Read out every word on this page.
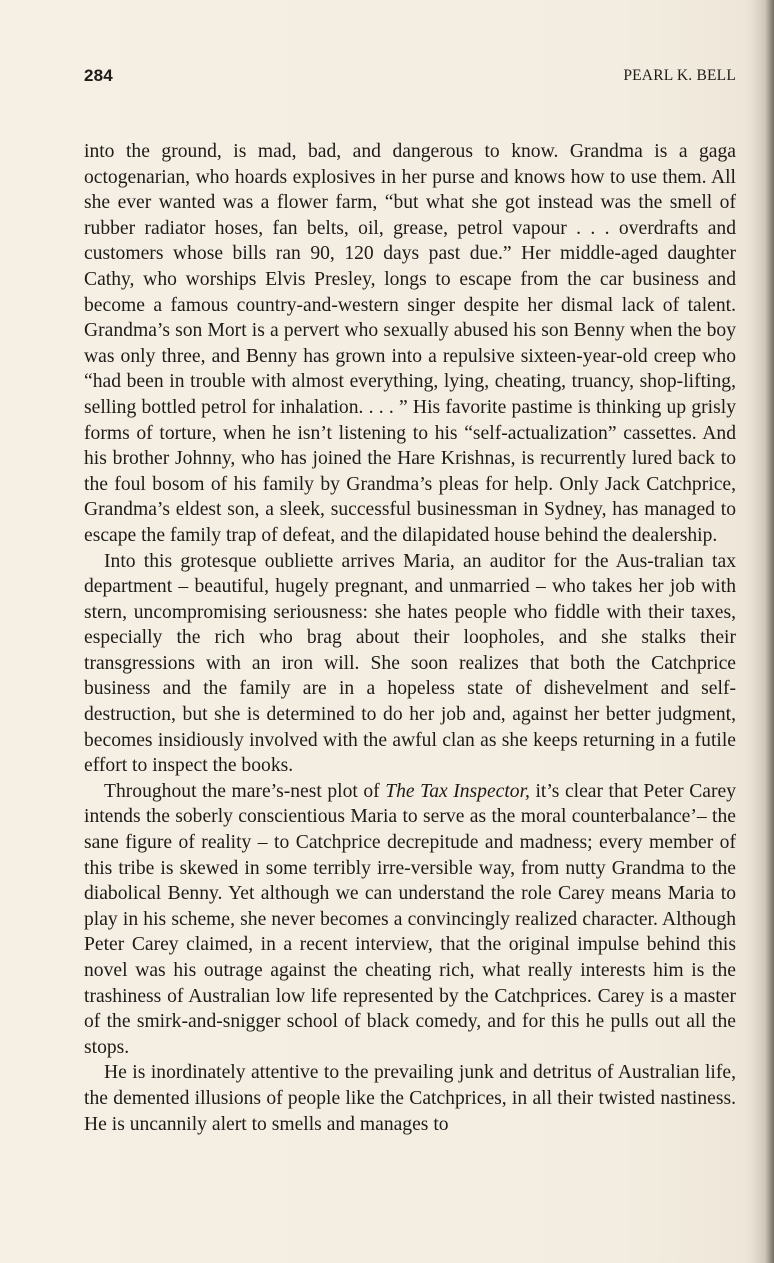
284	PEARL K. BELL

into the ground, is mad, bad, and dangerous to know. Grandma is a gaga octogenarian, who hoards explosives in her purse and knows how to use them. All she ever wanted was a flower farm, “but what she got instead was the smell of rubber radiator hoses, fan belts, oil, grease, petrol vapour . . . overdrafts and customers whose bills ran 90, 120 days past due.” Her middle-aged daughter Cathy, who worships Elvis Presley, longs to escape from the car business and become a famous country-and-western singer despite her dismal lack of talent. Grandma’s son Mort is a pervert who sexually abused his son Benny when the boy was only three, and Benny has grown into a repulsive sixteen-year-old creep who “had been in trouble with almost everything, lying, cheating, truancy, shop-lifting, selling bottled petrol for inhalation. . . . ” His favorite pastime is thinking up grisly forms of torture, when he isn’t listening to his “self-actualization” cassettes. And his brother Johnny, who has joined the Hare Krishnas, is recurrently lured back to the foul bosom of his family by Grandma’s pleas for help. Only Jack Catchprice, Grandma’s eldest son, a sleek, successful businessman in Sydney, has managed to escape the family trap of defeat, and the dilapidated house behind the dealership.

Into this grotesque oubliette arrives Maria, an auditor for the Aus-tralian tax department – beautiful, hugely pregnant, and unmarried – who takes her job with stern, uncompromising seriousness: she hates people who fiddle with their taxes, especially the rich who brag about their loopholes, and she stalks their transgressions with an iron will. She soon realizes that both the Catchprice business and the family are in a hopeless state of dishevelment and self-destruction, but she is determined to do her job and, against her better judgment, becomes insidiously involved with the awful clan as she keeps returning in a futile effort to inspect the books.

Throughout the mare’s-nest plot of The Tax Inspector, it’s clear that Peter Carey intends the soberly conscientious Maria to serve as the moral counterbalance’– the sane figure of reality – to Catchprice decrepitude and madness; every member of this tribe is skewed in some terribly irre-versible way, from nutty Grandma to the diabolical Benny. Yet although we can understand the role Carey means Maria to play in his scheme, she never becomes a convincingly realized character. Although Peter Carey claimed, in a recent interview, that the original impulse behind this novel was his outrage against the cheating rich, what really interests him is the trashiness of Australian low life represented by the Catchprices. Carey is a master of the smirk-and-snigger school of black comedy, and for this he pulls out all the stops.

He is inordinately attentive to the prevailing junk and detritus of Australian life, the demented illusions of people like the Catchprices, in all their twisted nastiness. He is uncannily alert to smells and manages to
